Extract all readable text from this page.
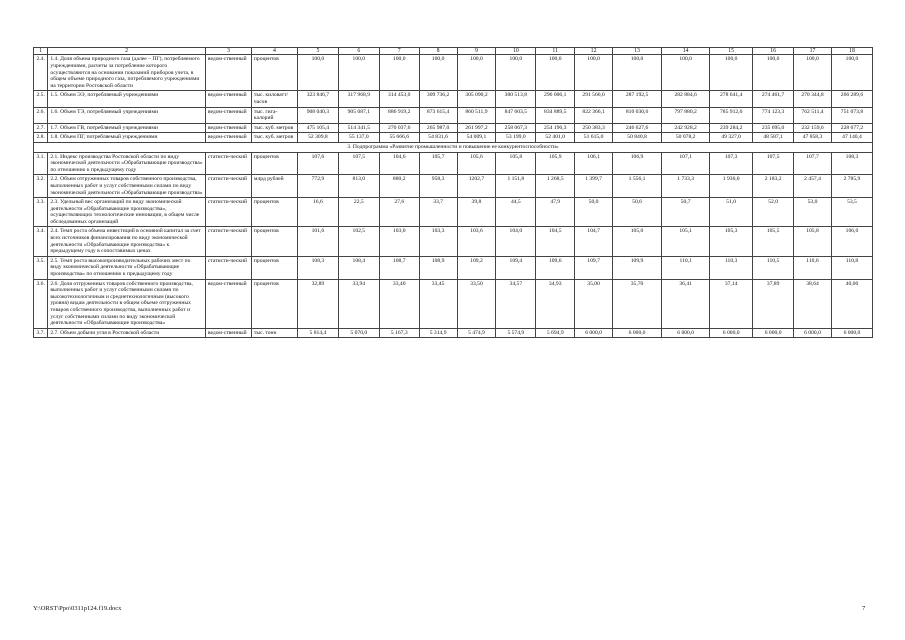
1	2	3	4	5	6	7	8	9	10	11	12	13	14	15	16	17	18
2.4.	1.4. Доля объема природного газа (далее – ПГ), потребляемого учреждениями, расчеты за потребление которого осуществляются на основании показаний приборов учета, в общем объеме природного газа, потребляемого учреждениями на территории Ростовской области	ведом-ственный	процентов	100,0	100,0	100,0	100,0	100,0	100,0	100,0	100,0	100,0	100,0	100,0	100,0	100,0	100,0
2.5.	1.5. Объем ЭЭ, потребляемый учреждениями	ведом-ственный	тыс. киловатт/ часов	323 846,7	317 968,9	314 453,0	309 736,2	305 090,2	300 513,8	296 006,1	291 566,0	287 192,5	282 884,6	278 641,4	274 461,7	270 344,8	266 289,6
2.6.	1.6. Объем ТЭ, потребляемый учреждениями	ведом-ственный	тыс. гига-калорий	908 040,3	905 087,1	886 919,2	873 615,4	860 511,9	847 603,5	834 889,5	822 366,1	810 030,6	797 880,2	785 912,0	774 123,3	762 511,4	751 073,8
2.7.	1.7. Объем ГВ, потребляемый учреждениями	ведом-ственный	тыс. куб. метров	475 105,4	514 341,5	270 037,6	265 987,0	261 997,2	258 067,3	254 196,3	250 383,3	246 627,6	242 928,2	239 284,2	235 695,0	232 159,6	228 677,2
2.8.	1.8. Объем ПГ, потребляемый учреждениями	ведом-ственный	тыс. куб. метров	52 309,8	55 137,0	55 666,6	54 831,6	54 009,1	53 199,0	52 401,0	51 615,0	50 840,8	50 078,2	49 327,0	48 587,1	47 858,3	47 140,4
3. Подпрограмма «Развитие промышленности и повышение ее конкурентоспособности»																	
3.1.	2.1. Индекс производства Ростовской области по виду экономической деятельности «Обрабатывающие производства» по отношению к предыдущему году	статисти-ческий	процентов	107,6	107,5	104,6	105,7	105,6	105,8	105,9	106,1	106,9	107,1	107,3	107,5	107,7	108,3
3.2.	2.2. Объем отгруженных товаров собственного производства, выполненных работ и услуг собственными силами по виду экономической деятельности «Обрабатывающие производства»	статисти-ческий	млрд рублей	772,9	813,0	880,2	958,3	1202,7	1 151,8	1 268,5	1 399,7	1 556,1	1 733,3	1 936,0	2 183,2	2 457,4	2 785,9
3.3.	2.3. Удельный вес организаций по виду экономической деятельности «Обрабатывающие производства», осуществляющих технологические инновации, в общем числе обследованных организаций	статисти-ческий	процентов	16,6	22,5	27,6	33,7	39,8	44,5	47,9	50,0	50,6	50,7	51,0	52,0	53,0	53,5
3.4.	2.4. Темп роста объема инвестиций в основной капитал за счет всех источников финансирования по виду экономической деятельности «Обрабатывающие производства» к предыдущему году в сопоставимых ценах	статисти-ческий	процентов	101,6	102,5	103,0	103,3	103,6	104,0	104,5	104,7	105,0	105,1	105,3	105,5	105,8	106,0
3.5.	2.5. Темп роста высокопроизводительных рабочих мест по виду экономической деятельности «Обрабатывающие производства» по отношению к предыдущему году	статисти-ческий	процентов	108,3	108,4	108,7	108,9	109,2	109,4	109,6	109,7	109,9	110,1	110,3	110,5	110,6	110,8
3.6.	2.6. Доля отгруженных товаров собственного производства, выполненных работ и услуг собственными силами по высокотехнологичным и среднетехнологичным (высокого уровня) видам деятельности в общем объеме отгруженных товаров собственного производства, выполненных работ и услуг собственными силами по виду экономической деятельности «Обрабатывающие производства»	ведом-ственный	процентов	32,89	33,94	33,40	33,45	33,50	34,57	34,93	35,00	35,70	36,41	37,14	37,89	38,64	40,00
3.7.	2.7. Объем добычи угля в Ростовской области	ведом-ственный	тыс. тонн	5 814,4	5 070,0	5 167,3	5 314,9	5 474,9	5 574,9	5 694,9	6 000,0	6 000,0	6 000,0	6 000,0	6 000,0	6 000,0	6 000,0
Y:\ORST\Ppo\0311p124.f19.docx	7
